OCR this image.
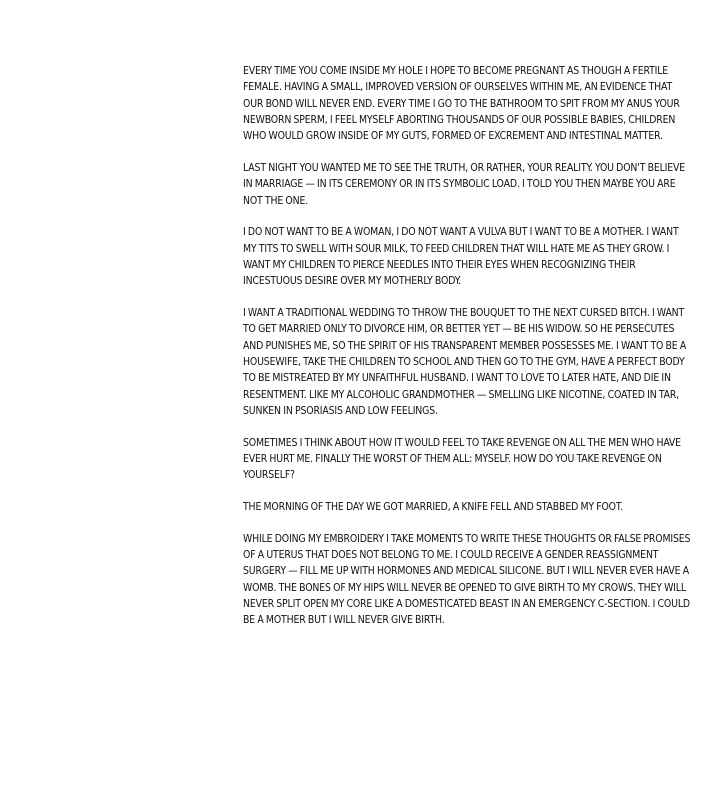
EVERY TIME YOU COME INSIDE MY HOLE I HOPE TO BECOME PREGNANT AS THOUGH A FERTILE FEMALE. HAVING A SMALL, IMPROVED VERSION OF OURSELVES WITHIN ME, AN EVIDENCE THAT OUR BOND WILL NEVER END. EVERY TIME I GO TO THE BATHROOM TO SPIT FROM MY ANUS YOUR NEWBORN SPERM, I FEEL MYSELF ABORTING THOUSANDS OF OUR POSSIBLE BABIES, CHILDREN WHO WOULD GROW INSIDE OF MY GUTS, FORMED OF EXCREMENT AND INTESTINAL MATTER.

LAST NIGHT YOU WANTED ME TO SEE THE TRUTH, OR RATHER, YOUR REALITY. YOU DON'T BELIEVE IN MARRIAGE — IN ITS CEREMONY OR IN ITS SYMBOLIC LOAD. I TOLD YOU THEN MAYBE YOU ARE NOT THE ONE.

I DO NOT WANT TO BE A WOMAN, I DO NOT WANT A VULVA BUT I WANT TO BE A MOTHER. I WANT MY TITS TO SWELL WITH SOUR MILK, TO FEED CHILDREN THAT WILL HATE ME AS THEY GROW. I WANT MY CHILDREN TO PIERCE NEEDLES INTO THEIR EYES WHEN RECOGNIZING THEIR INCESTUOUS DESIRE OVER MY MOTHERLY BODY.

I WANT A TRADITIONAL WEDDING TO THROW THE BOUQUET TO THE NEXT CURSED BITCH. I WANT TO GET MARRIED ONLY TO DIVORCE HIM, OR BETTER YET — BE HIS WIDOW. SO HE PERSECUTES AND PUNISHES ME, SO THE SPIRIT OF HIS TRANSPARENT MEMBER POSSESSES ME. I WANT TO BE A HOUSEWIFE, TAKE THE CHILDREN TO SCHOOL AND THEN GO TO THE GYM, HAVE A PERFECT BODY TO BE MISTREATED BY MY UNFAITHFUL HUSBAND. I WANT TO LOVE TO LATER HATE, AND DIE IN RESENTMENT. LIKE MY ALCOHOLIC GRANDMOTHER — SMELLING LIKE NICOTINE, COATED IN TAR, SUNKEN IN PSORIASIS AND LOW FEELINGS.

SOMETIMES I THINK ABOUT HOW IT WOULD FEEL TO TAKE REVENGE ON ALL THE MEN WHO HAVE EVER HURT ME. FINALLY THE WORST OF THEM ALL: MYSELF. HOW DO YOU TAKE REVENGE ON YOURSELF?

THE MORNING OF THE DAY WE GOT MARRIED, A KNIFE FELL AND STABBED MY FOOT.

WHILE DOING MY EMBROIDERY I TAKE MOMENTS TO WRITE THESE THOUGHTS OR FALSE PROMISES OF A UTERUS THAT DOES NOT BELONG TO ME. I COULD RECEIVE A GENDER REASSIGNMENT SURGERY — FILL ME UP WITH HORMONES AND MEDICAL SILICONE. BUT I WILL NEVER EVER HAVE A WOMB. THE BONES OF MY HIPS WILL NEVER BE OPENED TO GIVE BIRTH TO MY CROWS. THEY WILL NEVER SPLIT OPEN MY CORE LIKE A DOMESTICATED BEAST IN AN EMERGENCY C-SECTION. I COULD BE A MOTHER BUT I WILL NEVER GIVE BIRTH.
